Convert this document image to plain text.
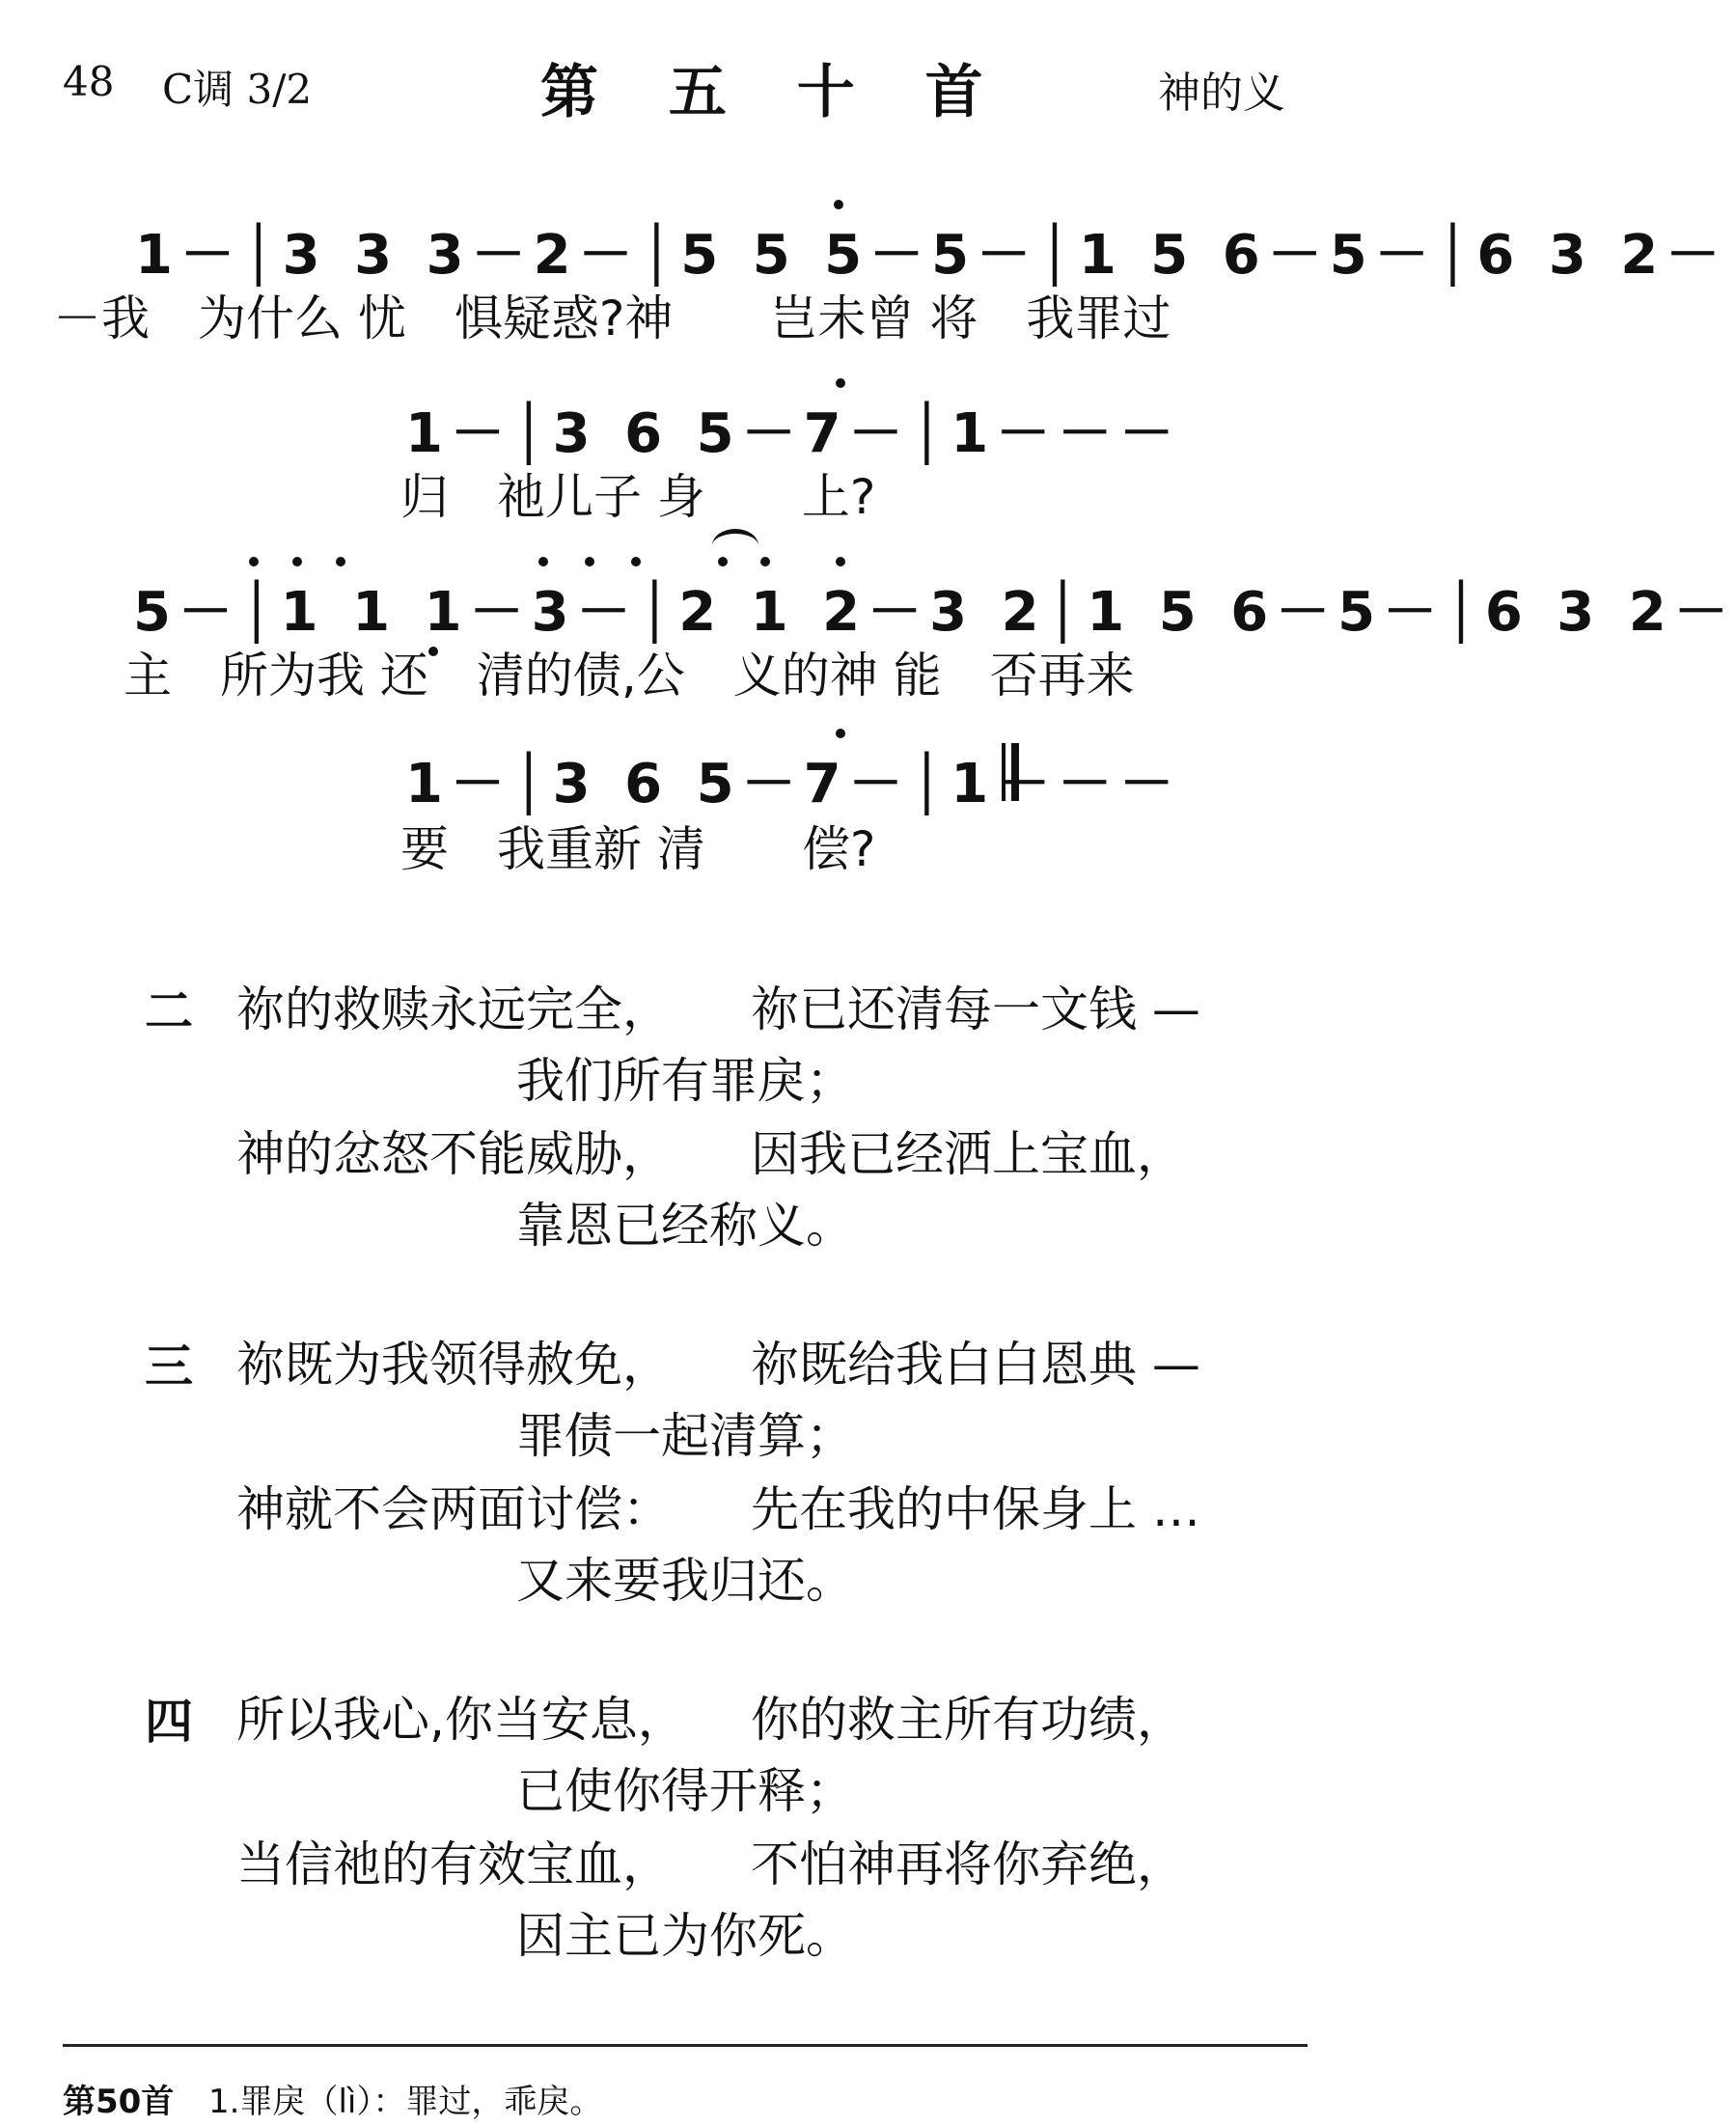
48 C调 3/2	第 五 十 首	神的义
1－│3 3 3－2－│5 5 5－5－│1 5 6－5－│6 3 2－
－我　为什么 忧　惧疑惑?神　　岂未曾 将　我罪过
1－│3 6 5－7－│1－－－
归　祂儿子 身　　上?
5－│1 1 1－3－│2 1 2－3 2│1 5 6－5－│6 3 2－
主　所为我 还　清的债,公　义的神 能　否再来
1－│3 6 5－7－│1－－－
要　我重新 清　　偿?
二 祢的救赎永远完全， 祢已还清每一文钱 —
我们所有罪戾；
神的忿怒不能威胁， 因我已经洒上宝血，
靠恩已经称义。
三 祢既为我领得赦免， 祢既给我白白恩典 —
罪债一起清算；
神就不会两面讨偿： 先在我的中保身上 …
又来要我归还。
四 所以我心,你当安息， 你的救主所有功绩，
已使你得开释；
当信祂的有效宝血， 不怕神再将你弃绝，
因主已为你死。
第50首 1.罪戾（lì）：罪过，乖戾。
